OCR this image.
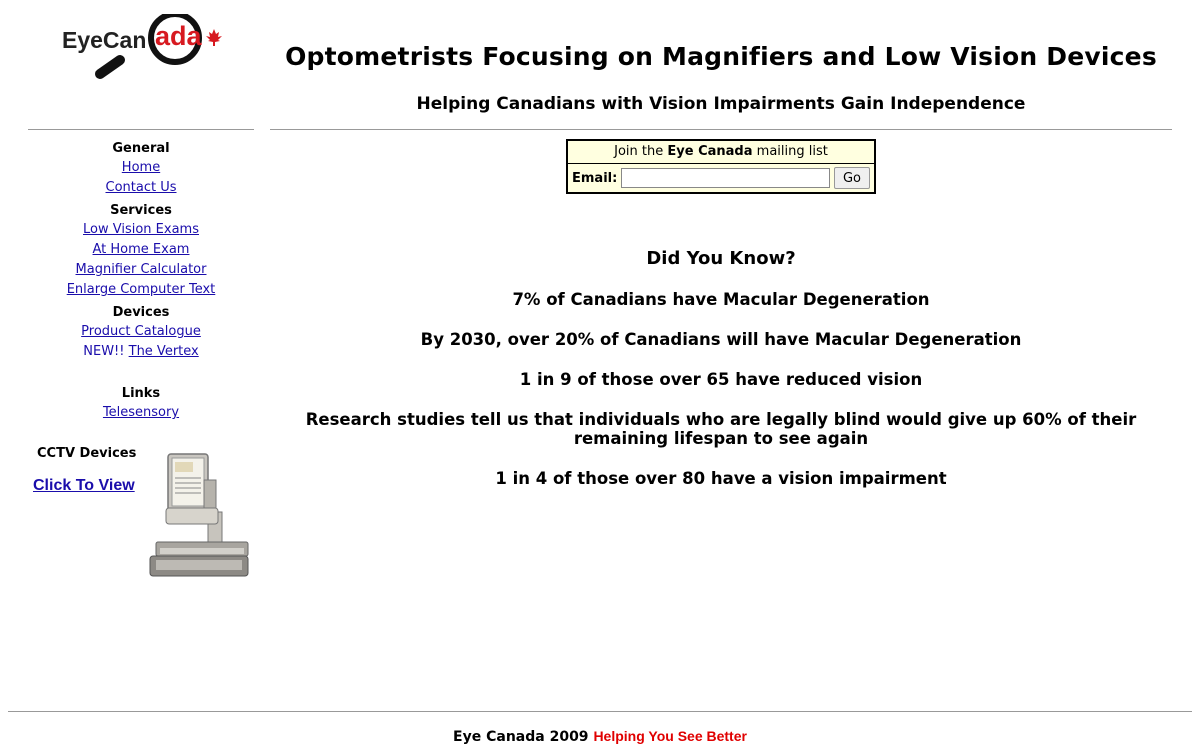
EyeCan ada
Optometrists Focusing on Magnifiers and Low Vision Devices
Helping Canadians with Vision Impairments Gain Independence

General

Home
Contact Us

Services

Low Vision Exams
At Home Exam
Magnifier Calculator
Enlarge Computer Text

Devices

Product Catalogue
NEW!! The Vertex

Links

Telesensory

CCTV Devices

Click To View
Join the Eye Canada mailing list
Email:	Go

Did You Know?

7% of Canadians have Macular Degeneration

By 2030, over 20% of Canadians will have Macular Degeneration

1 in 9 of those over 65 have reduced vision

Research studies tell us that individuals who are legally blind would give up 60% of their remaining lifespan to see again

1 in 4 of those over 80 have a vision impairment

Eye Canada 2009 Helping You See Better
